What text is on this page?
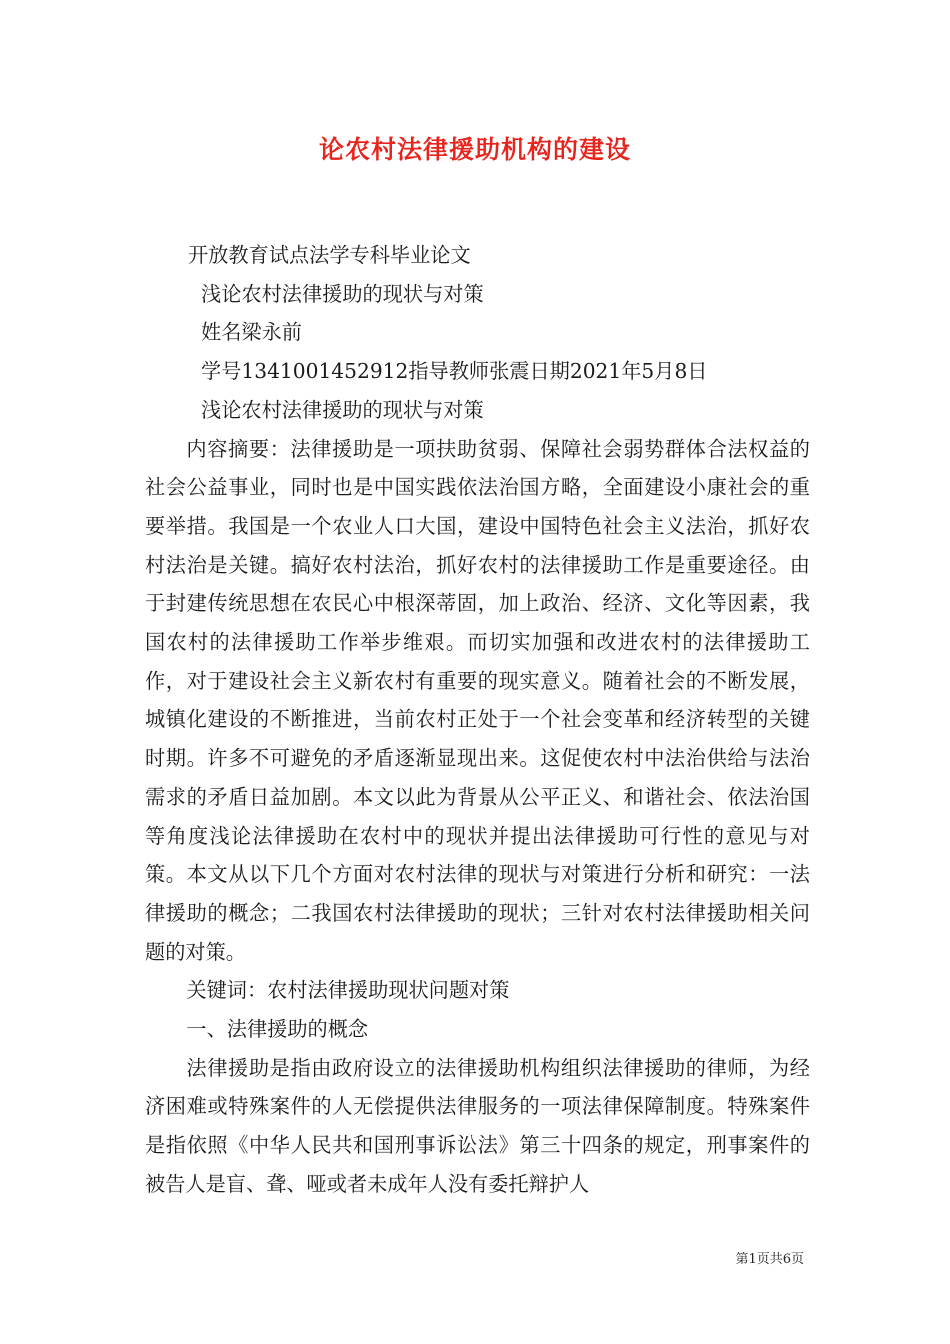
论农村法律援助机构的建设

开放教育试点法学专科毕业论文

浅论农村法律援助的现状与对策

姓名梁永前

学号1341001452912指导教师张震日期2021年5月8日

浅论农村法律援助的现状与对策

内容摘要：法律援助是一项扶助贫弱、保障社会弱势群体合法权益的社会公益事业，同时也是中国实践依法治国方略，全面建设小康社会的重要举措。我国是一个农业人口大国，建设中国特色社会主义法治，抓好农村法治是关键。搞好农村法治，抓好农村的法律援助工作是重要途径。由于封建传统思想在农民心中根深蒂固，加上政治、经济、文化等因素，我国农村的法律援助工作举步维艰。而切实加强和改进农村的法律援助工作，对于建设社会主义新农村有重要的现实意义。随着社会的不断发展，城镇化建设的不断推进，当前农村正处于一个社会变革和经济转型的关键时期。许多不可避免的矛盾逐渐显现出来。这促使农村中法治供给与法治需求的矛盾日益加剧。本文以此为背景从公平正义、和谐社会、依法治国等角度浅论法律援助在农村中的现状并提出法律援助可行性的意见与对策。本文从以下几个方面对农村法律的现状与对策进行分析和研究：一法律援助的概念；二我国农村法律援助的现状；三针对农村法律援助相关问题的对策。

关键词：农村法律援助现状问题对策

一、法律援助的概念

法律援助是指由政府设立的法律援助机构组织法律援助的律师，为经济困难或特殊案件的人无偿提供法律服务的一项法律保障制度。特殊案件是指依照《中华人民共和国刑事诉讼法》第三十四条的规定，刑事案件的被告人是盲、聋、哑或者未成年人没有委托辩护人

第1页共6页
